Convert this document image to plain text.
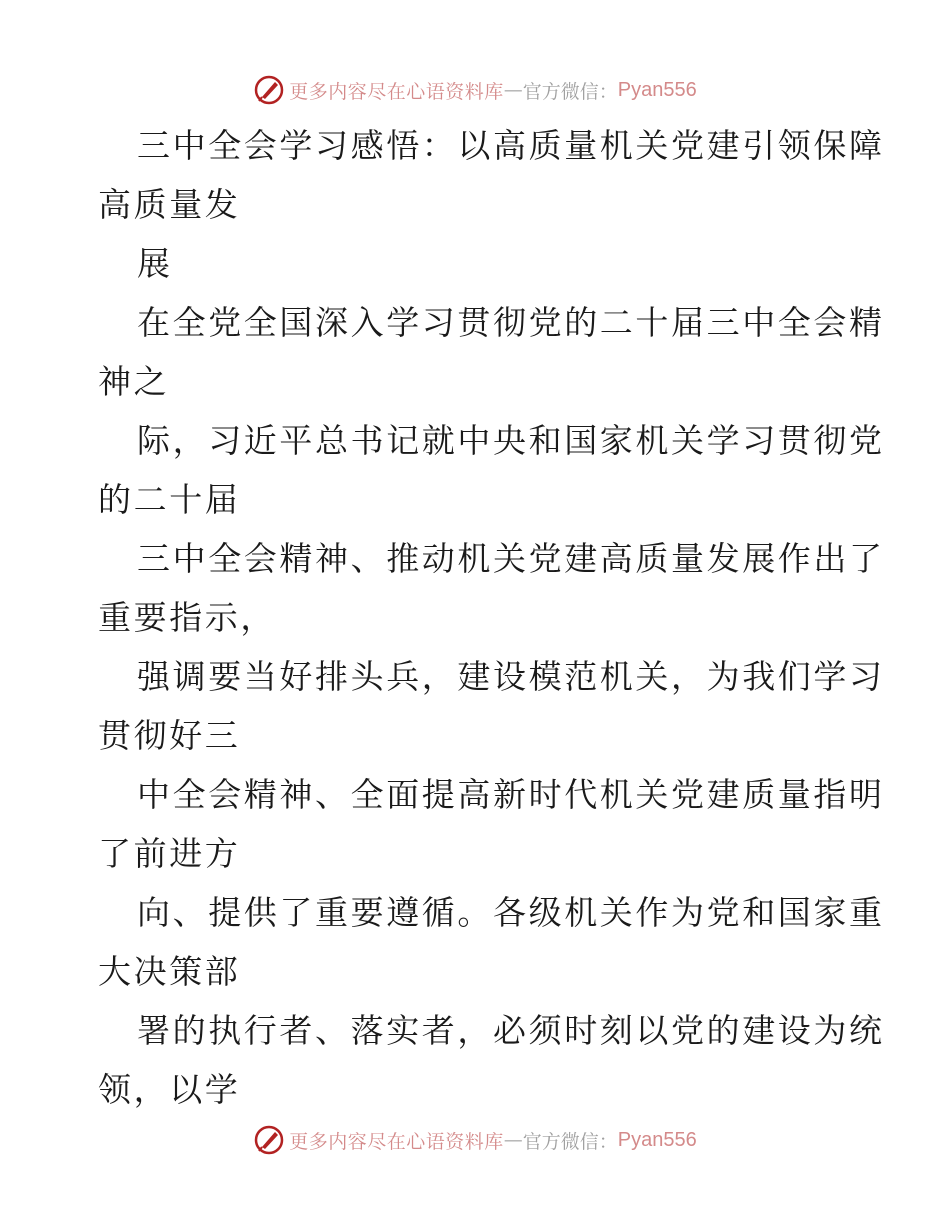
更多内容尽在心语资料库 — 官方微信： Pyan556
三中全会学习感悟：以高质量机关党建引领保障
高质量发
展
在全党全国深入学习贯彻党的二十届三中全会精
神之
际，习近平总书记就中央和国家机关学习贯彻党
的二十届
三中全会精神、推动机关党建高质量发展作出了
重要指示，
强调要当好排头兵，建设模范机关，为我们学习
贯彻好三
中全会精神、全面提高新时代机关党建质量指明
了前进方
向、提供了重要遵循。各级机关作为党和国家重
大决策部
署的执行者、落实者，必须时刻以党的建设为统
领，以学
更多内容尽在心语资料库 — 官方微信： Pyan556
